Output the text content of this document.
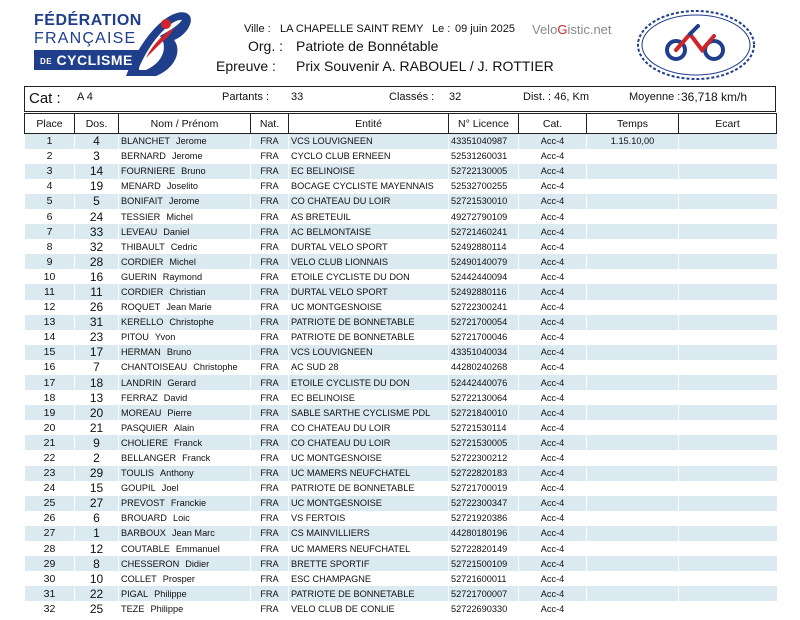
FÉDÉRATION
FRANÇAISE
DE CYCLISME
Ville : LA CHAPELLE SAINT REMY Le : 09 juin 2025 VeloGistic.net
Org. : Patriote de Bonnétable
Epreuve : Prix Souvenir A. RABOUEL / J. ROTTIER
Cat : A 4	Partants : 33	Classés : 32	Dist. : 46, Km	Moyenne : 36,718 km/h
Place	Dos.	Nom / Prénom	Nat.	Entité	N° Licence	Cat.	Temps	Ecart
1	4	BLANCHET Jerome	FRA	VCS LOUVIGNEEN	43351040987	Acc-4	1.15.10,00	
2	3	BERNARD Jerome	FRA	CYCLO CLUB ERNEEN	52531260031	Acc-4		
3	14	FOURNIERE Bruno	FRA	EC BELINOISE	52722130005	Acc-4		
4	19	MENARD Joselito	FRA	BOCAGE CYCLISTE MAYENNAIS	52532700255	Acc-4		
5	5	BONIFAIT Jerome	FRA	CO CHATEAU DU LOIR	52721530010	Acc-4		
6	24	TESSIER Michel	FRA	AS BRETEUIL	49272790109	Acc-4		
7	33	LEVEAU Daniel	FRA	AC BELMONTAISE	52721460241	Acc-4		
8	32	THIBAULT Cedric	FRA	DURTAL VELO SPORT	52492880114	Acc-4		
9	28	CORDIER Michel	FRA	VELO CLUB LIONNAIS	52490140079	Acc-4		
10	16	GUERIN Raymond	FRA	ETOILE CYCLISTE DU DON	52442440094	Acc-4		
11	11	CORDIER Christian	FRA	DURTAL VELO SPORT	52492880116	Acc-4		
12	26	ROQUET Jean Marie	FRA	UC MONTGESNOISE	52722300241	Acc-4		
13	31	KERELLO Christophe	FRA	PATRIOTE DE BONNETABLE	52721700054	Acc-4		
14	23	PITOU Yvon	FRA	PATRIOTE DE BONNETABLE	52721700046	Acc-4		
15	17	HERMAN Bruno	FRA	VCS LOUVIGNEEN	43351040034	Acc-4		
16	7	CHANTOISEAU Christophe	FRA	AC SUD 28	44280240268	Acc-4		
17	18	LANDRIN Gerard	FRA	ETOILE CYCLISTE DU DON	52442440076	Acc-4		
18	13	FERRAZ David	FRA	EC BELINOISE	52722130064	Acc-4		
19	20	MOREAU Pierre	FRA	SABLE SARTHE CYCLISME PDL	52721840010	Acc-4		
20	21	PASQUIER Alain	FRA	CO CHATEAU DU LOIR	52721530114	Acc-4		
21	9	CHOLIERE Franck	FRA	CO CHATEAU DU LOIR	52721530005	Acc-4		
22	2	BELLANGER Franck	FRA	UC MONTGESNOISE	52722300212	Acc-4		
23	29	TOULIS Anthony	FRA	UC MAMERS NEUFCHATEL	52722820183	Acc-4		
24	15	GOUPIL Joel	FRA	PATRIOTE DE BONNETABLE	52721700019	Acc-4		
25	27	PREVOST Franckie	FRA	UC MONTGESNOISE	52722300347	Acc-4		
26	6	BROUARD Loic	FRA	VS FERTOIS	52721920386	Acc-4		
27	1	BARBOUX Jean Marc	FRA	CS MAINVILLIERS	44280180196	Acc-4		
28	12	COUTABLE Emmanuel	FRA	UC MAMERS NEUFCHATEL	52722820149	Acc-4		
29	8	CHESSERON Didier	FRA	BRETTE SPORTIF	52721500109	Acc-4		
30	10	COLLET Prosper	FRA	ESC CHAMPAGNE	52721600011	Acc-4		
31	22	PIGAL Philippe	FRA	PATRIOTE DE BONNETABLE	52721700007	Acc-4		
32	25	TEZE Philippe	FRA	VELO CLUB DE CONLIE	52722690330	Acc-4		
